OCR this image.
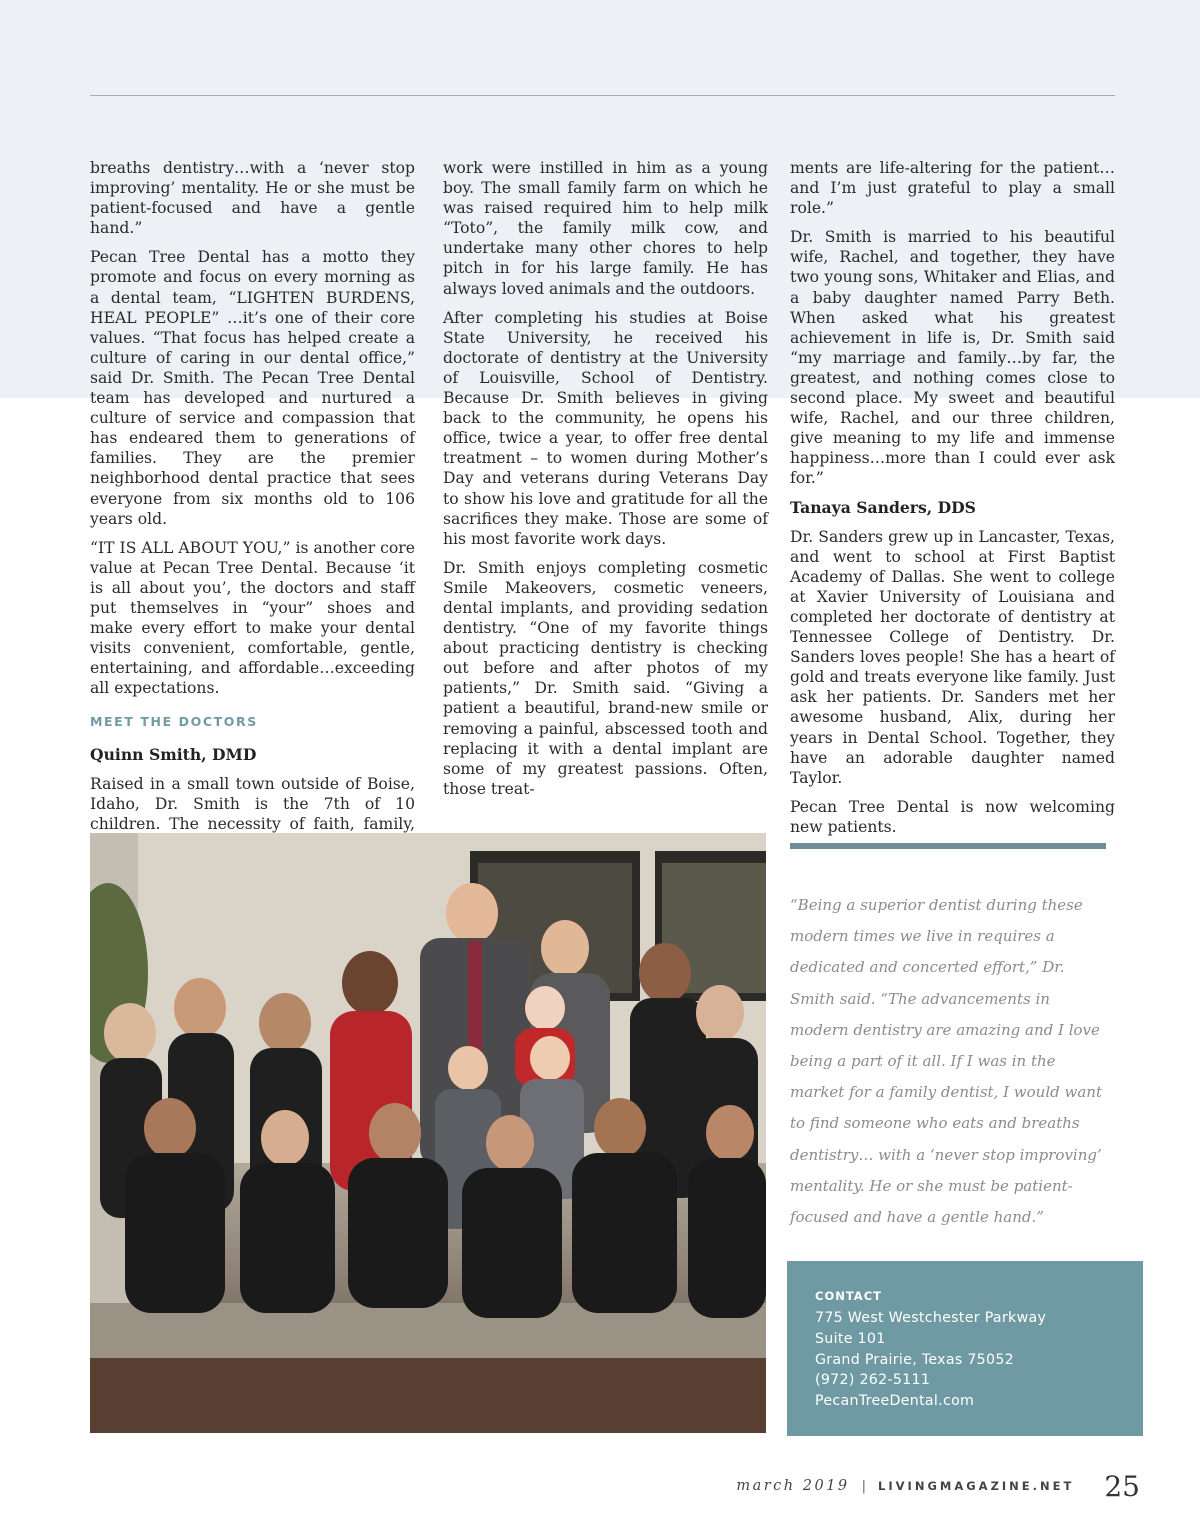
breaths dentistry…with a ‘never stop improving’ mentality. He or she must be patient-focused and have a gentle hand.”

Pecan Tree Dental has a motto they promote and focus on every morning as a dental team, “LIGHTEN BURDENS, HEAL PEOPLE” …it’s one of their core values. “That focus has helped create a culture of caring in our dental office,” said Dr. Smith. The Pecan Tree Dental team has developed and nurtured a culture of service and compassion that has endeared them to generations of families. They are the premier neighborhood dental practice that sees everyone from six months old to 106 years old.

“IT IS ALL ABOUT YOU,” is another core value at Pecan Tree Dental. Because ‘it is all about you’, the doctors and staff put themselves in “your” shoes and make every effort to make your dental visits convenient, comfortable, gentle, entertaining, and affordable…exceeding all expectations.

MEET THE DOCTORS

Quinn Smith, DMD

Raised in a small town outside of Boise, Idaho, Dr. Smith is the 7th of 10 children. The necessity of faith, family,

work were instilled in him as a young boy. The small family farm on which he was raised required him to help milk “Toto”, the family milk cow, and undertake many other chores to help pitch in for his large family. He has always loved animals and the outdoors.

After completing his studies at Boise State University, he received his doctorate of dentistry at the University of Louisville, School of Dentistry. Because Dr. Smith believes in giving back to the community, he opens his office, twice a year, to offer free dental treatment – to women during Mother’s Day and veterans during Veterans Day to show his love and gratitude for all the sacrifices they make. Those are some of his most favorite work days.

Dr. Smith enjoys completing cosmetic Smile Makeovers, cosmetic veneers, dental implants, and providing sedation dentistry. “One of my favorite things about practicing dentistry is checking out before and after photos of my patients,” Dr. Smith said. “Giving a patient a beautiful, brand-new smile or removing a painful, abscessed tooth and replacing it with a dental implant are some of my greatest passions. Often, those treat-

ments are life-altering for the patient…and I’m just grateful to play a small role.”

Dr. Smith is married to his beautiful wife, Rachel, and together, they have two young sons, Whitaker and Elias, and a baby daughter named Parry Beth. When asked what his greatest achievement in life is, Dr. Smith said “my marriage and family…by far, the greatest, and nothing comes close to second place. My sweet and beautiful wife, Rachel, and our three children, give meaning to my life and immense happiness…more than I could ever ask for.”

Tanaya Sanders, DDS

Dr. Sanders grew up in Lancaster, Texas, and went to school at First Baptist Academy of Dallas. She went to college at Xavier University of Louisiana and completed her doctorate of dentistry at Tennessee College of Dentistry. Dr. Sanders loves people! She has a heart of gold and treats everyone like family. Just ask her patients. Dr. Sanders met her awesome husband, Alix, during her years in Dental School. Together, they have an adorable daughter named Taylor.

Pecan Tree Dental is now welcoming new patients.

“Being a superior dentist during these modern times we live in requires a dedicated and concerted effort,” Dr. Smith said. “The advancements in modern dentistry are amazing and I love being a part of it all. If I was in the market for a family dentist, I would want to find someone who eats and breaths dentistry… with a ‘never stop improving’ mentality. He or she must be patient-focused and have a gentle hand.”

CONTACT
775 West Westchester Parkway
Suite 101
Grand Prairie, Texas 75052
(972) 262-5111
PecanTreeDental.com
march 2019 | LIVINGMAGAZINE.NET 25
